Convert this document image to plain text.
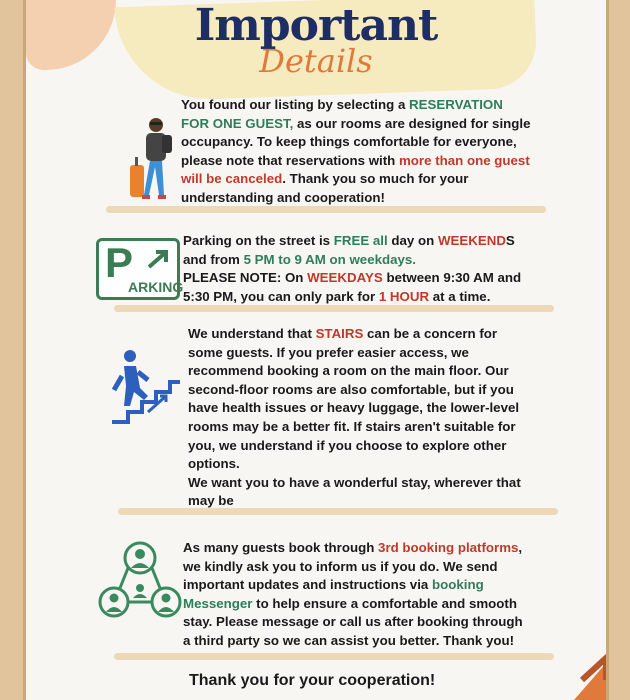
Important
Details
You found our listing by selecting a RESERVATION FOR ONE GUEST, as our rooms are designed for single occupancy. To keep things comfortable for everyone, please note that reservations with more than one guest will be canceled. Thank you so much for your understanding and cooperation!
P
ARKING
Parking on the street is FREE all day on WEEKENDS
and from 5 PM to 9 AM on weekdays.
PLEASE NOTE: On WEEKDAYS between 9:30 AM and 5:30 PM, you can only park for 1 HOUR at a time.
We understand that STAIRS can be a concern for some guests. If you prefer easier access, we recommend booking a room on the main floor. Our second-floor rooms are also comfortable, but if you have health issues or heavy luggage, the lower-level rooms may be a better fit. If stairs aren't suitable for you, we understand if you choose to explore other options.
We want you to have a wonderful stay, wherever that may be
As many guests book through 3rd booking platforms, we kindly ask you to inform us if you do. We send important updates and instructions via booking Messenger to help ensure a comfortable and smooth stay. Please message or call us after booking through a third party so we can assist you better. Thank you!
Thank you for your cooperation!
